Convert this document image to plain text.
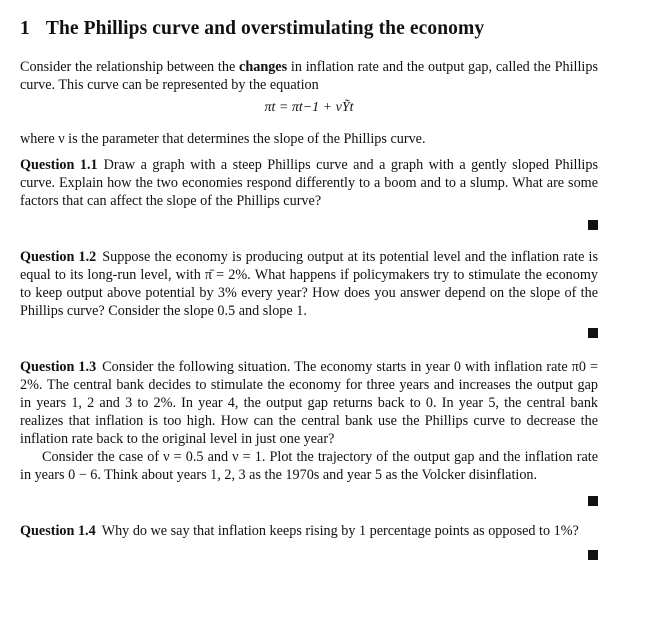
1 The Phillips curve and overstimulating the economy

Consider the relationship between the changes in inflation rate and the output gap, called the Phillips curve. This curve can be represented by the equation

πt = πt−1 + νỸt

where ν is the parameter that determines the slope of the Phillips curve.

Question 1.1 Draw a graph with a steep Phillips curve and a graph with a gently sloped Phillips curve. Explain how the two economies respond differently to a boom and to a slump. What are some factors that can affect the slope of the Phillips curve?

Question 1.2 Suppose the economy is producing output at its potential level and the inflation rate is equal to its long-run level, with π̄ = 2%. What happens if policymakers try to stimulate the economy to keep output above potential by 3% every year? How does you answer depend on the slope of the Phillips curve? Consider the slope 0.5 and slope 1.

Question 1.3 Consider the following situation. The economy starts in year 0 with inflation rate π0 = 2%. The central bank decides to stimulate the economy for three years and increases the output gap in years 1, 2 and 3 to 2%. In year 4, the output gap returns back to 0. In year 5, the central bank realizes that inflation is too high. How can the central bank use the Phillips curve to decrease the inflation rate back to the original level in just one year?

Consider the case of ν = 0.5 and ν = 1. Plot the trajectory of the output gap and the inflation rate in years 0 − 6. Think about years 1, 2, 3 as the 1970s and year 5 as the Volcker disinflation.

Question 1.4 Why do we say that inflation keeps rising by 1 percentage points as opposed to 1%?
